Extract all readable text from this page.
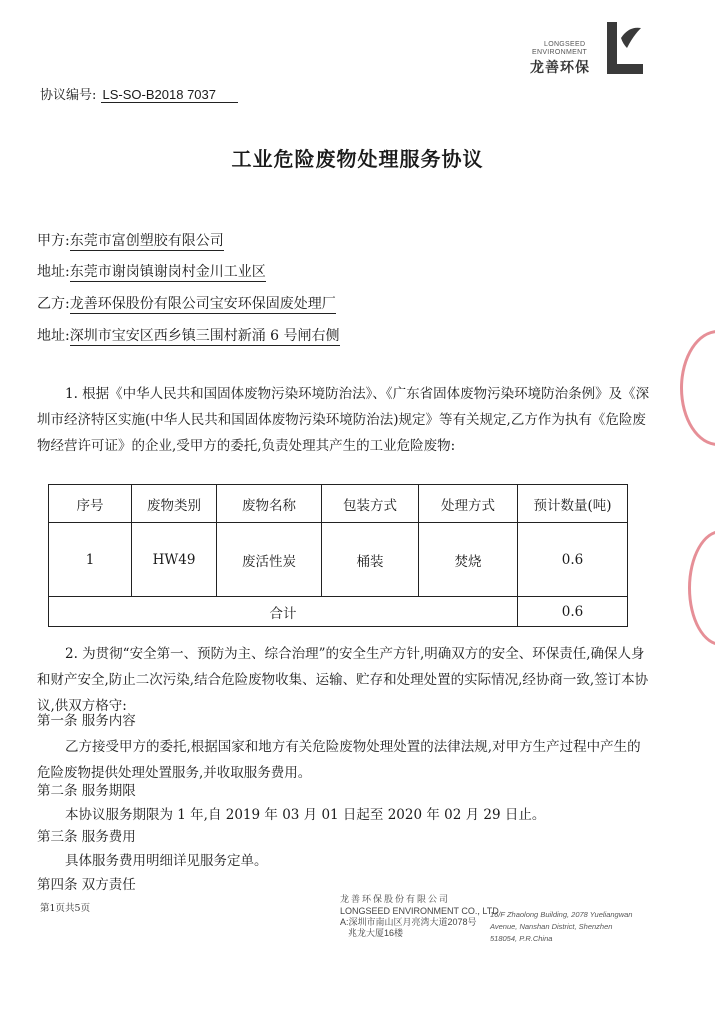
LONGSEED
ENVIRONMENT
龙善环保
协议编号: LS-SO-B2018 7037
工业危险废物处理服务协议
甲方:东莞市富创塑胶有限公司
地址:东莞市谢岗镇谢岗村金川工业区
乙方:龙善环保股份有限公司宝安环保固废处理厂
地址:深圳市宝安区西乡镇三围村新涌 6 号闸右侧
1. 根据《中华人民共和国固体废物污染环境防治法》、《广东省固体废物污染环境防治条例》及《深圳市经济特区实施(中华人民共和国固体废物污染环境防治法)规定》等有关规定,乙方作为执有《危险废物经营许可证》的企业,受甲方的委托,负责处理其产生的工业危险废物:
序号	废物类别	废物名称	包装方式	处理方式	预计数量(吨)
1	HW49	废活性炭	桶装	焚烧	0.6
合计					0.6
2. 为贯彻“安全第一、预防为主、综合治理”的安全生产方针,明确双方的安全、环保责任,确保人身和财产安全,防止二次污染,结合危险废物收集、运输、贮存和处理处置的实际情况,经协商一致,签订本协议,供双方格守:
第一条 服务内容
乙方接受甲方的委托,根据国家和地方有关危险废物处理处置的法律法规,对甲方生产过程中产生的危险废物提供处理处置服务,并收取服务费用。
第二条 服务期限
本协议服务期限为 1 年,自 2019 年 03 月 01 日起至 2020 年 02 月 29 日止。
第三条 服务费用
具体服务费用明细详见服务定单。
第四条 双方责任
第1页共5页
龙善环保股份有限公司
LONGSEED ENVIRONMENT CO., LTD
A:深圳市南山区月亮湾大道2078号
兆龙大厦16楼
16/F Zhaolong Building, 2078 Yueliangwan
Avenue, Nanshan District, Shenzhen
518054, P.R.China
